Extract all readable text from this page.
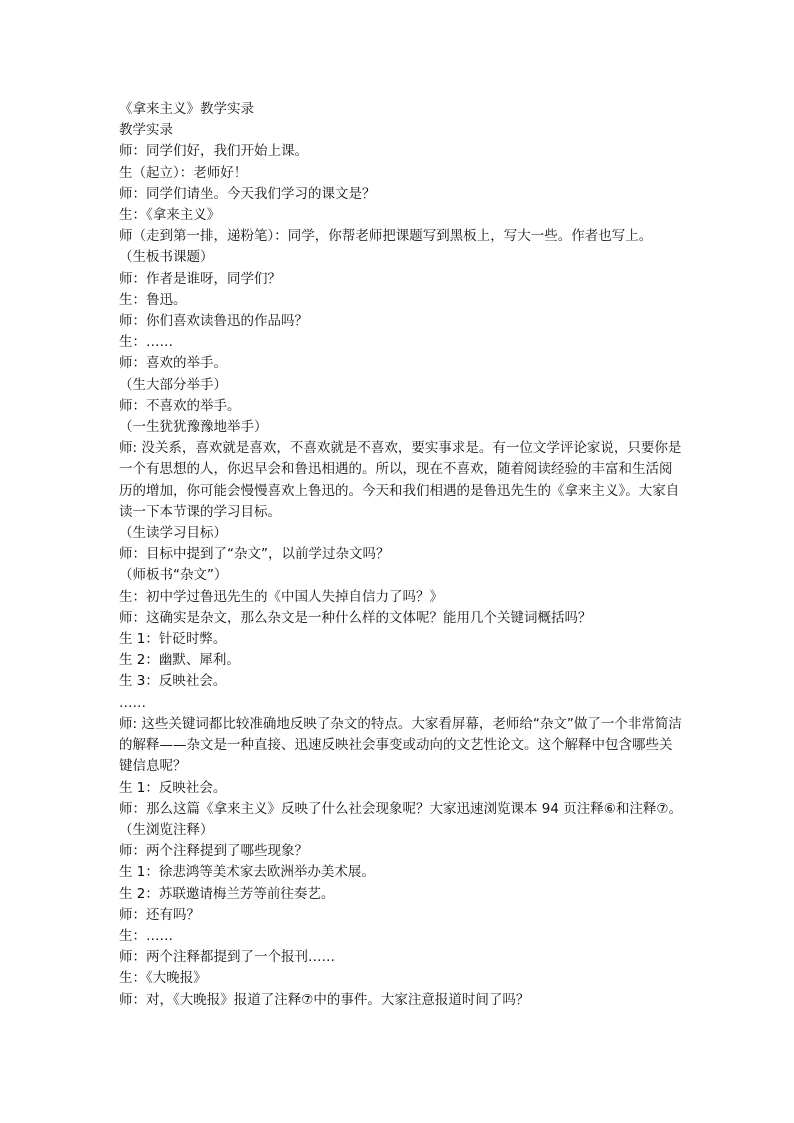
《拿来主义》教学实录

教学实录

师：同学们好，我们开始上课。

生（起立）：老师好！

师：同学们请坐。今天我们学习的课文是？

生：《拿来主义》

师（走到第一排，递粉笔）：同学，你帮老师把课题写到黑板上，写大一些。作者也写上。

（生板书课题）

师：作者是谁呀，同学们？

生：鲁迅。

师：你们喜欢读鲁迅的作品吗？

生：……

师：喜欢的举手。

（生大部分举手）

师：不喜欢的举手。

（一生犹犹豫豫地举手）

师: 没关系，喜欢就是喜欢，不喜欢就是不喜欢，要实事求是。有一位文学评论家说，只要你是一个有思想的人，你迟早会和鲁迅相遇的。所以，现在不喜欢，随着阅读经验的丰富和生活阅历的增加，你可能会慢慢喜欢上鲁迅的。今天和我们相遇的是鲁迅先生的《拿来主义》。大家自读一下本节课的学习目标。

（生读学习目标）

师：目标中提到了“杂文”，以前学过杂文吗？

（师板书“杂文”）

生：初中学过鲁迅先生的《中国人失掉自信力了吗？》

师：这确实是杂文，那么杂文是一种什么样的文体呢？能用几个关键词概括吗？

生 1：针砭时弊。

生 2：幽默、犀利。

生 3：反映社会。

……

师: 这些关键词都比较准确地反映了杂文的特点。大家看屏幕，老师给“杂文”做了一个非常简洁的解释——杂文是一种直接、迅速反映社会事变或动向的文艺性论文。这个解释中包含哪些关键信息呢？

生 1：反映社会。

师：那么这篇《拿来主义》反映了什么社会现象呢？大家迅速浏览课本 94 页注释⑥和注释⑦。

（生浏览注释）

师：两个注释提到了哪些现象？

生 1：徐悲鸿等美术家去欧洲举办美术展。

生 2：苏联邀请梅兰芳等前往奏艺。

师：还有吗？

生：……

师：两个注释都提到了一个报刊……

生：《大晚报》

师：对，《大晚报》报道了注释⑦中的事件。大家注意报道时间了吗？
